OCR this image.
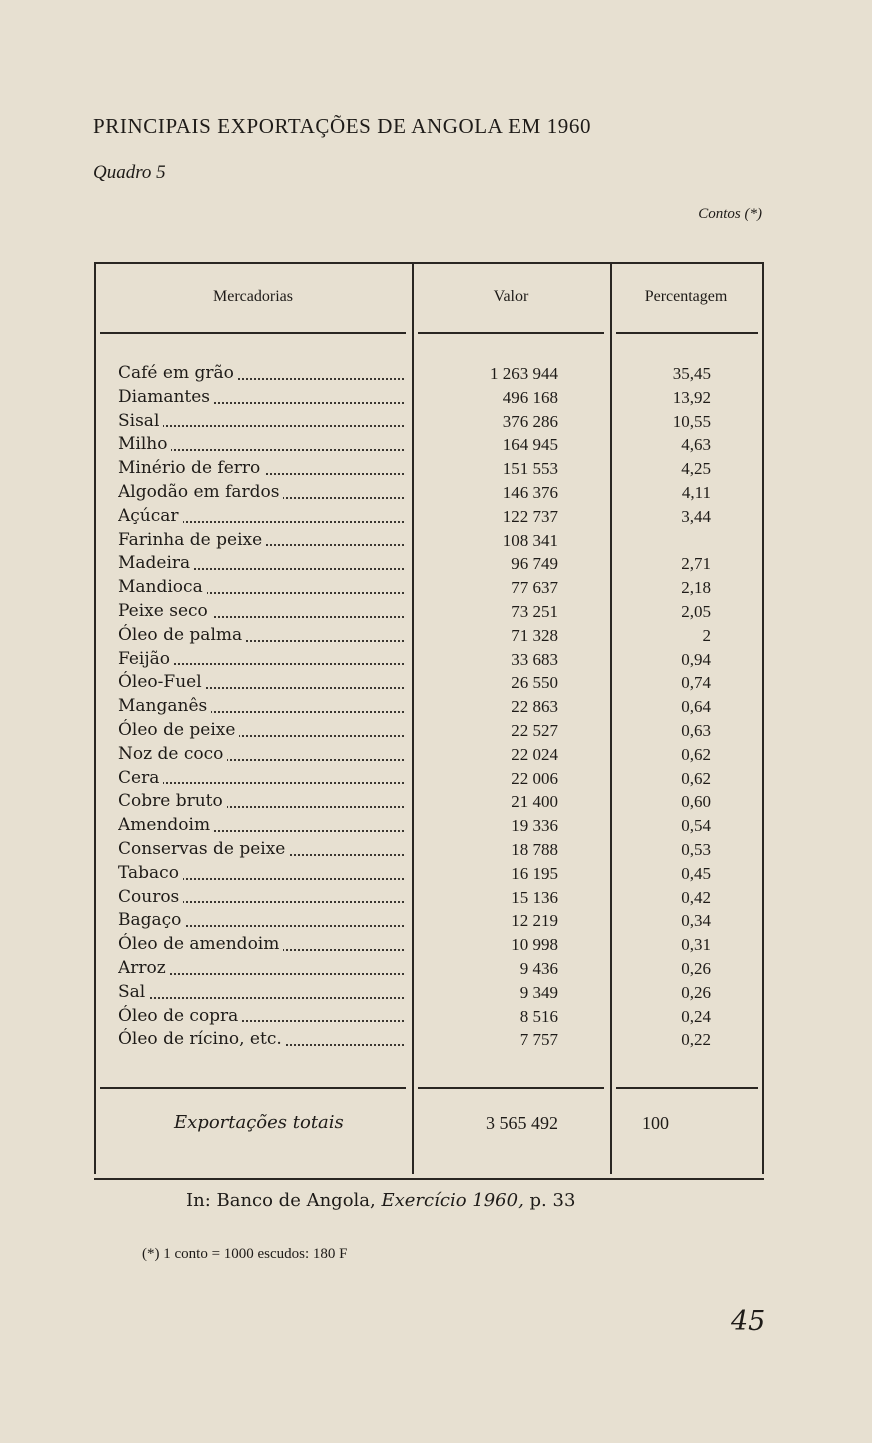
PRINCIPAIS EXPORTAÇÕES DE ANGOLA EM 1960
Quadro 5
Contos (*)
Mercadorias	Valor	Percentagem
Café em grão	1 263 944	35,45
Diamantes	496 168	13,92
Sisal	376 286	10,55
Milho	164 945	4,63
Minério de ferro	151 553	4,25
Algodão em fardos	146 376	4,11
Açúcar	122 737	3,44
Farinha de peixe	108 341
Madeira	96 749	2,71
Mandioca	77 637	2,18
Peixe seco	73 251	2,05
Óleo de palma	71 328	2
Feijão	33 683	0,94
Óleo-Fuel	26 550	0,74
Manganês	22 863	0,64
Óleo de peixe	22 527	0,63
Noz de coco	22 024	0,62
Cera	22 006	0,62
Cobre bruto	21 400	0,60
Amendoim	19 336	0,54
Conservas de peixe	18 788	0,53
Tabaco	16 195	0,45
Couros	15 136	0,42
Bagaço	12 219	0,34
Óleo de amendoim	10 998	0,31
Arroz	9 436	0,26
Sal	9 349	0,26
Óleo de copra	8 516	0,24
Óleo de rícino, etc.	7 757	0,22
Exportações totais	3 565 492	100
In: Banco de Angola, Exercício 1960, p. 33
(*) 1 conto = 1000 escudos: 180 F
45
